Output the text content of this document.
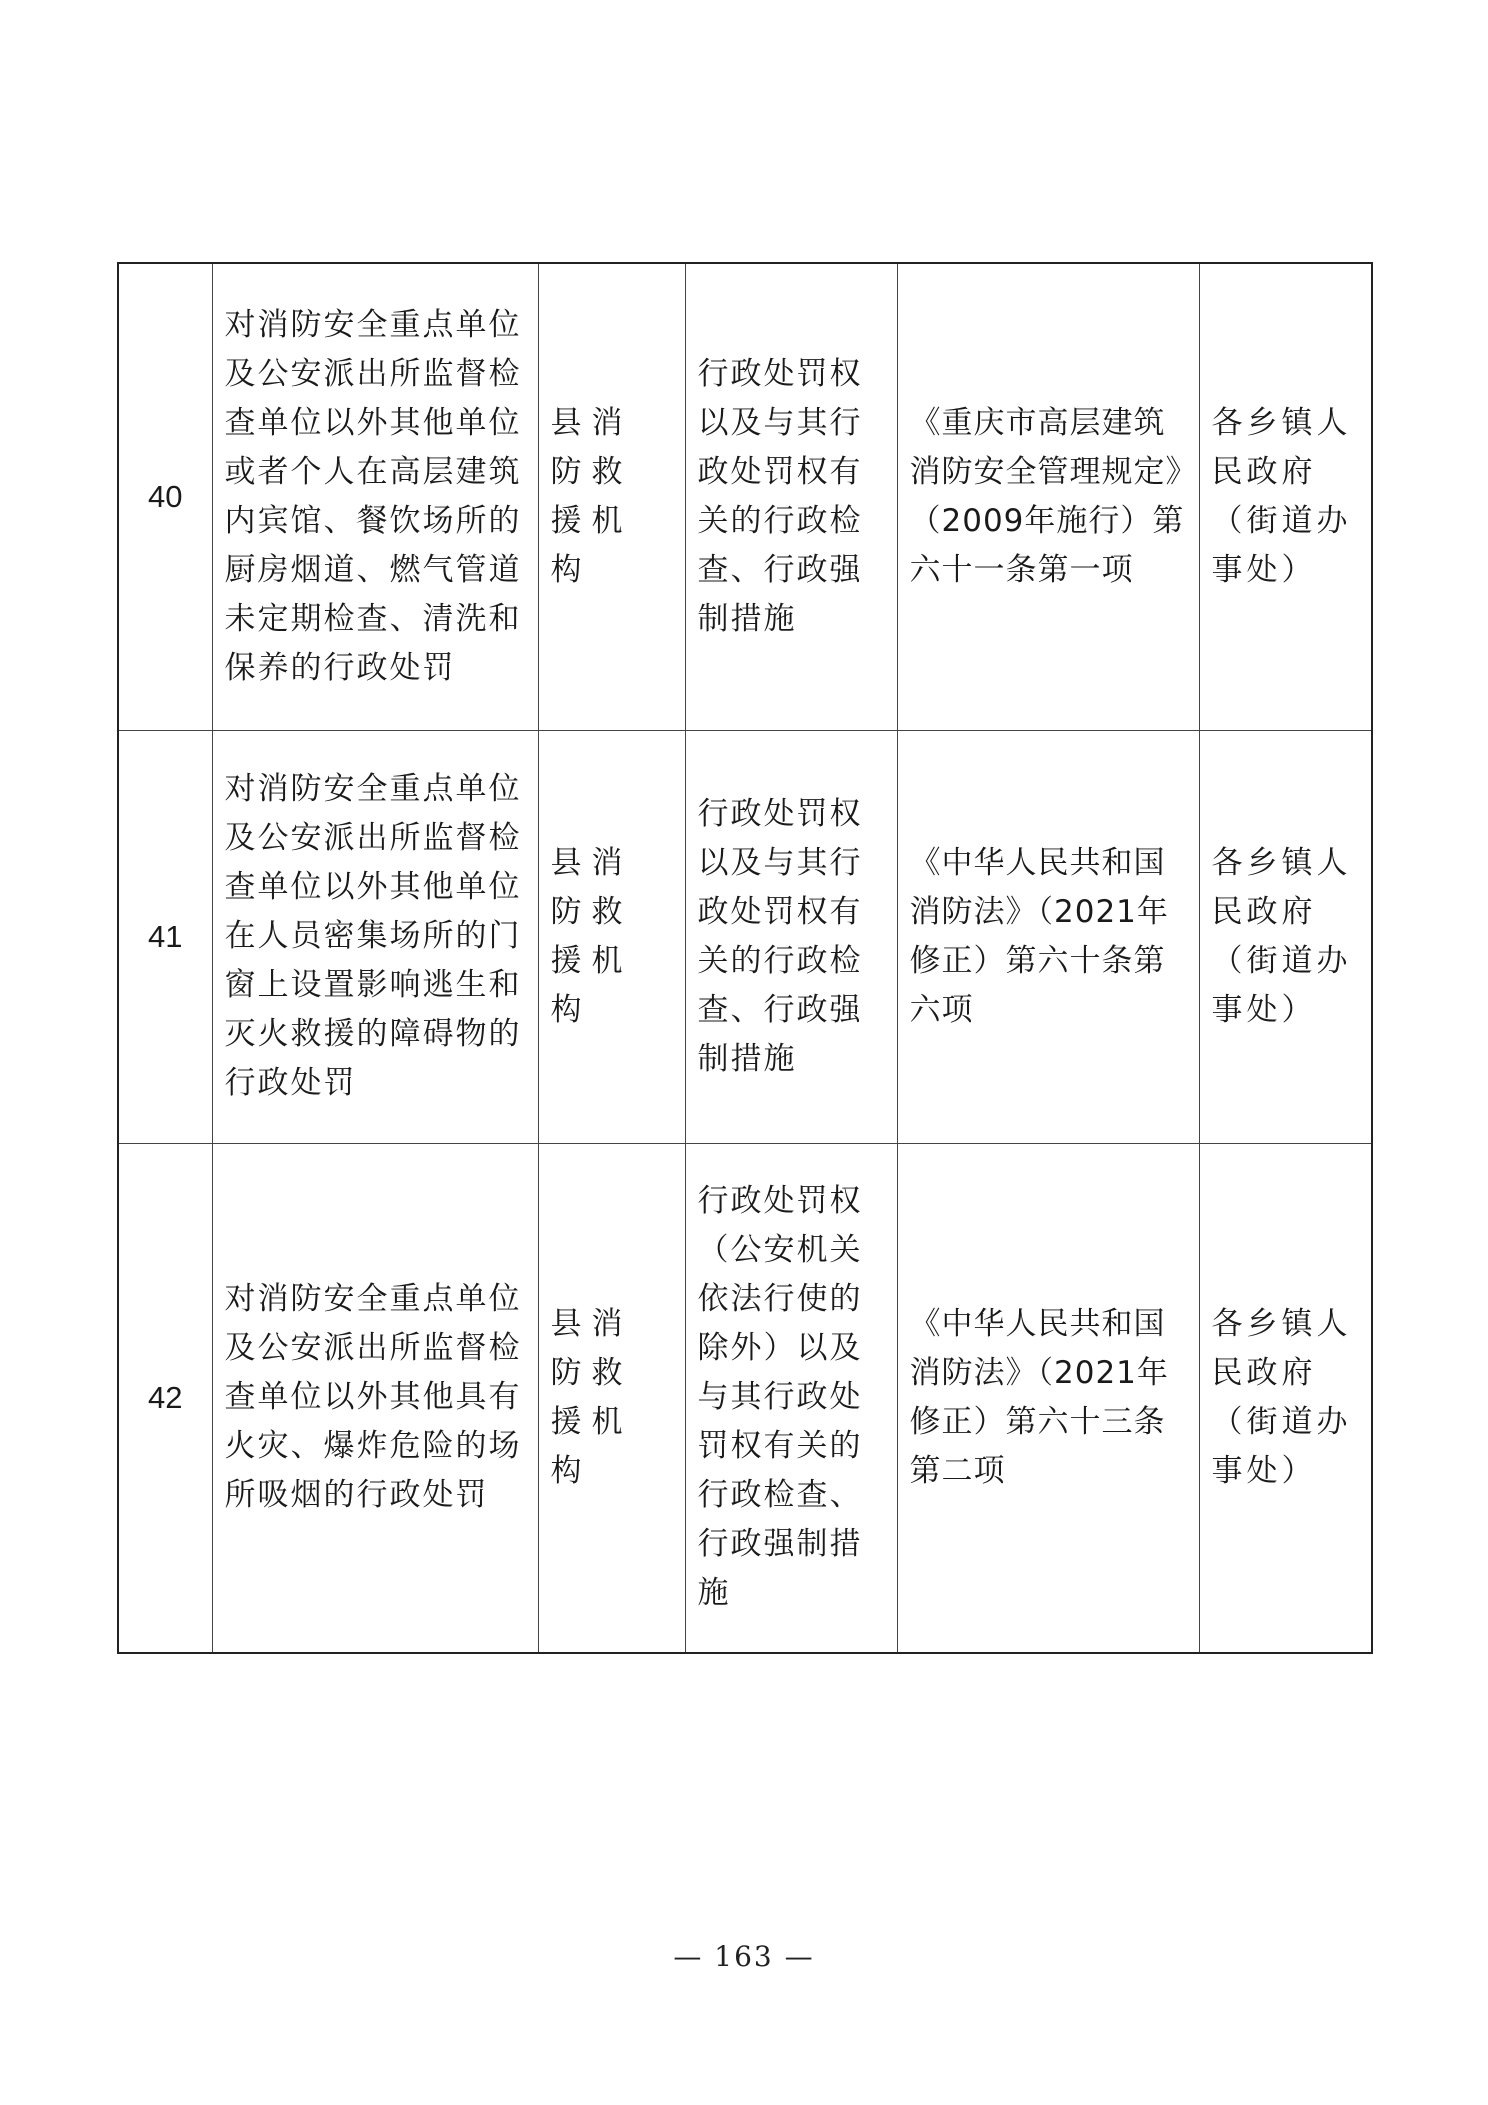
40	对消防安全重点单位及公安派出所监督检查单位以外其他单位或者个人在高层建筑内宾馆、餐饮场所的厨房烟道、燃气管道未定期检查、清洗和保养的行政处罚	县消防救援机构	行政处罚权以及与其行政处罚权有关的行政检查、行政强制措施	《重庆市高层建筑消防安全管理规定》（2009年施行）第六十一条第一项	各乡镇人民政府（街道办事处）
41	对消防安全重点单位及公安派出所监督检查单位以外其他单位在人员密集场所的门窗上设置影响逃生和灭火救援的障碍物的行政处罚	县消防救援机构	行政处罚权以及与其行政处罚权有关的行政检查、行政强制措施	《中华人民共和国消防法》（2021年修正）第六十条第六项	各乡镇人民政府（街道办事处）
42	对消防安全重点单位及公安派出所监督检查单位以外其他具有火灾、爆炸危险的场所吸烟的行政处罚	县消防救援机构	行政处罚权（公安机关依法行使的除外）以及与其行政处罚权有关的行政检查、行政强制措施	《中华人民共和国消防法》（2021年修正）第六十三条第二项	各乡镇人民政府（街道办事处）
— 163 —
